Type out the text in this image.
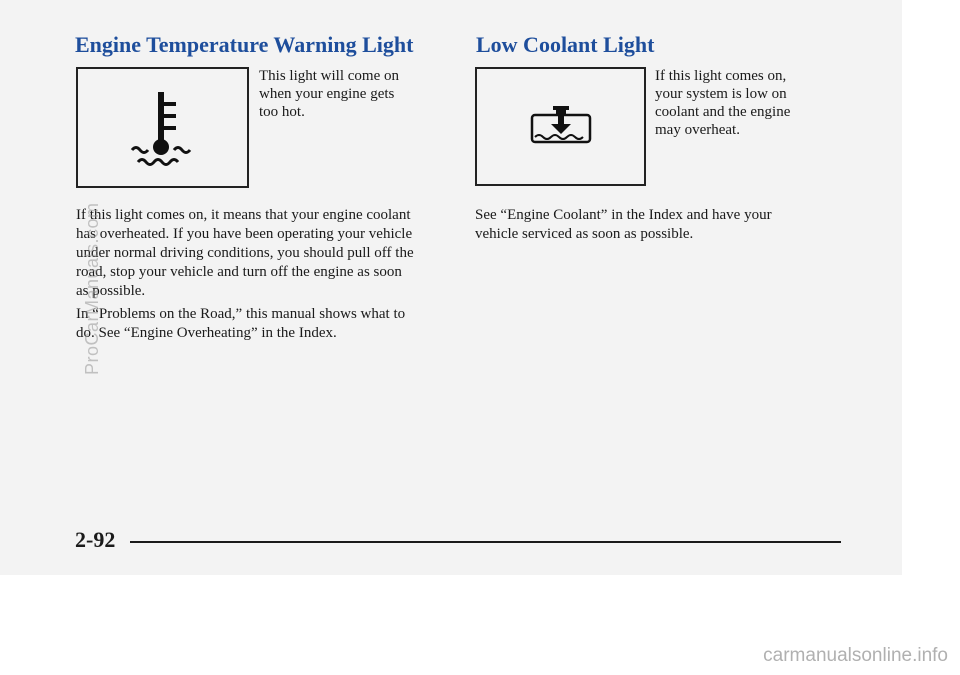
Engine Temperature Warning Light

This light will come on
when your engine gets
too hot.

If this light comes on, it means that your engine coolant
has overheated. If you have been operating your vehicle
under normal driving conditions, you should pull off the
road, stop your vehicle and turn off the engine as soon
as possible.

In “Problems on the Road,” this manual shows what to
do. See “Engine Overheating” in the Index.

Low Coolant Light

If this light comes on,
your system is low on
coolant and the engine
may overheat.

See “Engine Coolant” in the Index and have your
vehicle serviced as soon as possible.

2-92
ProCarManuals.com
carmanualsonline.info
